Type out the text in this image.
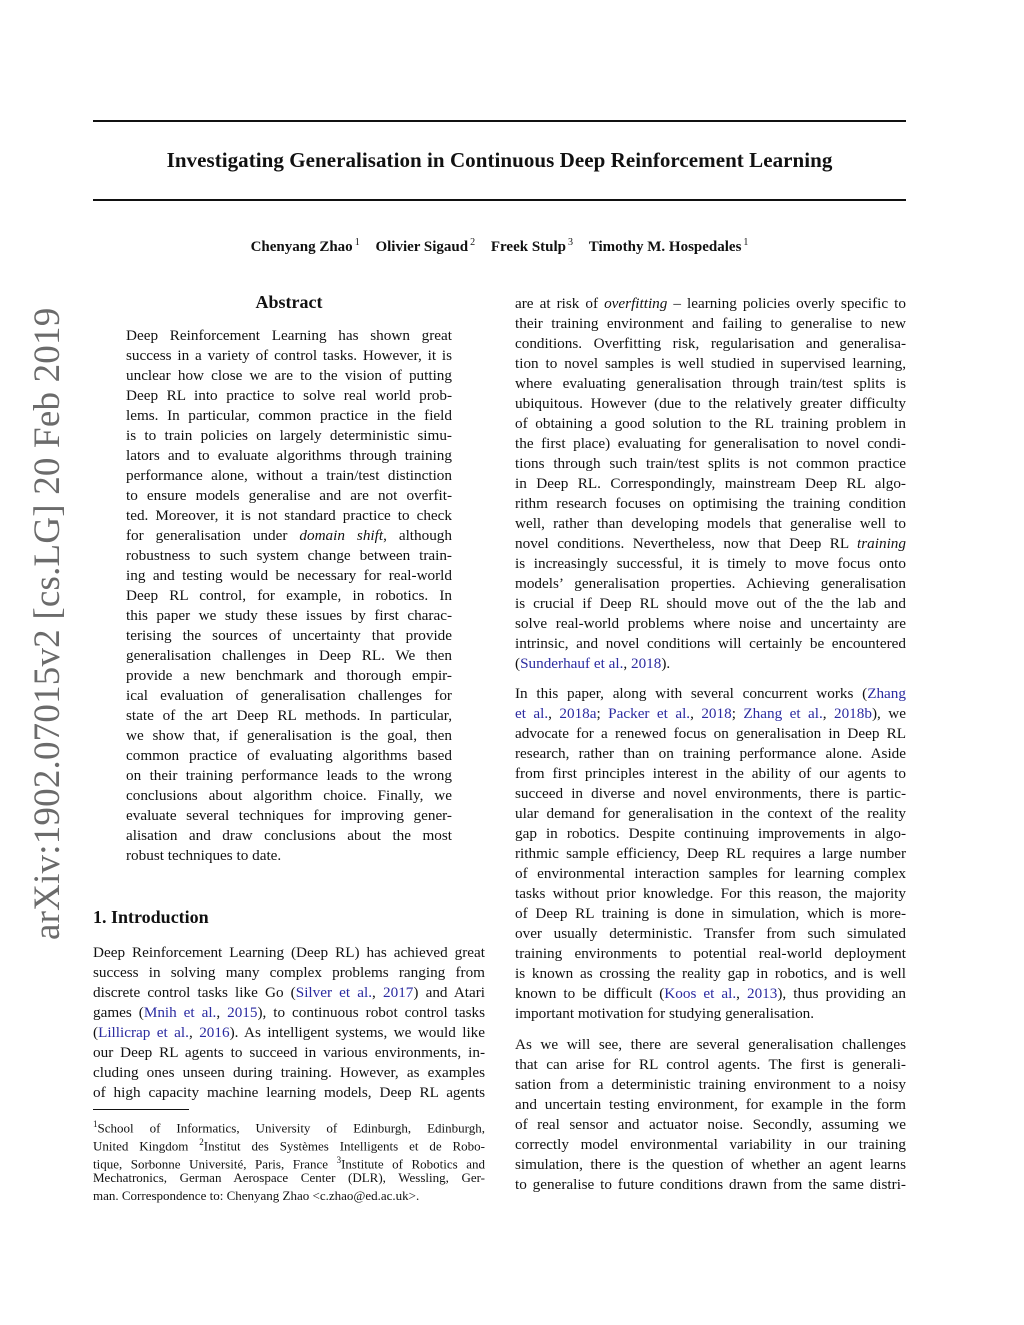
arXiv:1902.07015v2 [cs.LG] 20 Feb 2019
Investigating Generalisation in Continuous Deep Reinforcement Learning
Chenyang Zhao $^1$ Olivier Sigaud $^2$ Freek Stulp $^3$ Timothy M. Hospedales $^1$
Abstract
Deep Reinforcement Learning has shown great
success in a variety of control tasks. However, it is
unclear how close we are to the vision of putting
Deep RL into practice to solve real world prob-
lems. In particular, common practice in the field
is to train policies on largely deterministic simu-
lators and to evaluate algorithms through training
performance alone, without a train/test distinction
to ensure models generalise and are not overfit-
ted. Moreover, it is not standard practice to check
for generalisation under domain shift, although
robustness to such system change between train-
ing and testing would be necessary for real-world
Deep RL control, for example, in robotics. In
this paper we study these issues by first charac-
terising the sources of uncertainty that provide
generalisation challenges in Deep RL. We then
provide a new benchmark and thorough empir-
ical evaluation of generalisation challenges for
state of the art Deep RL methods. In particular,
we show that, if generalisation is the goal, then
common practice of evaluating algorithms based
on their training performance leads to the wrong
conclusions about algorithm choice. Finally, we
evaluate several techniques for improving gener-
alisation and draw conclusions about the most
robust techniques to date.
1. Introduction
Deep Reinforcement Learning (Deep RL) has achieved great
success in solving many complex problems ranging from
discrete control tasks like Go (Silver et al., 2017) and Atari
games (Mnih et al., 2015), to continuous robot control tasks
(Lillicrap et al., 2016). As intelligent systems, we would like
our Deep RL agents to succeed in various environments, in-
cluding ones unseen during training. However, as examples
of high capacity machine learning models, Deep RL agents
$^1$School of Informatics, University of Edinburgh, Edinburgh,
United Kingdom $^2$Institut des Systèmes Intelligents et de Robo-
tique, Sorbonne Université, Paris, France $^3$Institute of Robotics and
Mechatronics, German Aerospace Center (DLR), Wessling, Ger-
man. Correspondence to: Chenyang Zhao <c.zhao@ed.ac.uk>.
are at risk of overfitting – learning policies overly specific to
their training environment and failing to generalise to new
conditions. Overfitting risk, regularisation and generalisa-
tion to novel samples is well studied in supervised learning,
where evaluating generalisation through train/test splits is
ubiquitous. However (due to the relatively greater difficulty
of obtaining a good solution to the RL training problem in
the first place) evaluating for generalisation to novel condi-
tions through such train/test splits is not common practice
in Deep RL. Correspondingly, mainstream Deep RL algo-
rithm research focuses on optimising the training condition
well, rather than developing models that generalise well to
novel conditions. Nevertheless, now that Deep RL training
is increasingly successful, it is timely to move focus onto
models’ generalisation properties. Achieving generalisation
is crucial if Deep RL should move out of the the lab and
solve real-world problems where noise and uncertainty are
intrinsic, and novel conditions will certainly be encountered
(Sunderhauf et al., 2018).
In this paper, along with several concurrent works (Zhang
et al., 2018a; Packer et al., 2018; Zhang et al., 2018b), we
advocate for a renewed focus on generalisation in Deep RL
research, rather than on training performance alone. Aside
from first principles interest in the ability of our agents to
succeed in diverse and novel environments, there is partic-
ular demand for generalisation in the context of the reality
gap in robotics. Despite continuing improvements in algo-
rithmic sample efficiency, Deep RL requires a large number
of environmental interaction samples for learning complex
tasks without prior knowledge. For this reason, the majority
of Deep RL training is done in simulation, which is more-
over usually deterministic. Transfer from such simulated
training environments to potential real-world deployment
is known as crossing the reality gap in robotics, and is well
known to be difficult (Koos et al., 2013), thus providing an
important motivation for studying generalisation.
As we will see, there are several generalisation challenges
that can arise for RL control agents. The first is generali-
sation from a deterministic training environment to a noisy
and uncertain testing environment, for example in the form
of real sensor and actuator noise. Secondly, assuming we
correctly model environmental variability in our training
simulation, there is the question of whether an agent learns
to generalise to future conditions drawn from the same distri-
